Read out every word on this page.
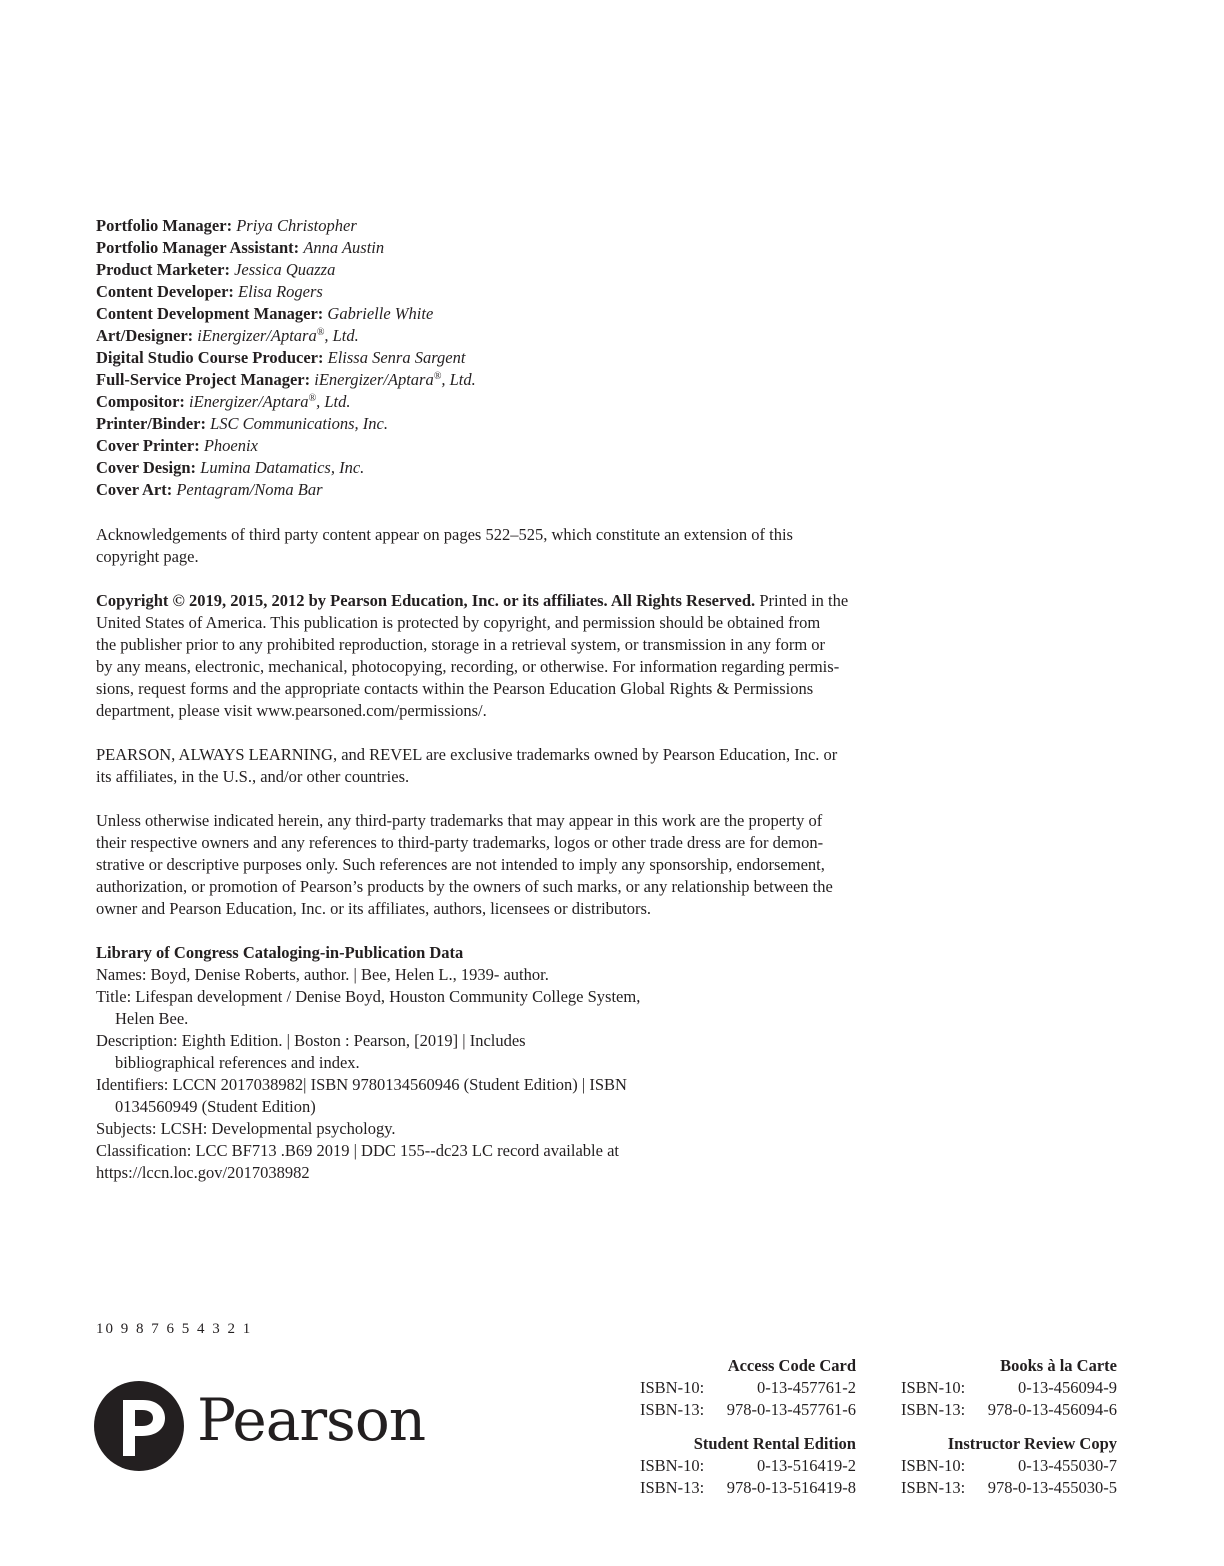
Portfolio Manager: Priya Christopher
Portfolio Manager Assistant: Anna Austin
Product Marketer: Jessica Quazza
Content Developer: Elisa Rogers
Content Development Manager: Gabrielle White
Art/Designer: iEnergizer/Aptara®, Ltd.
Digital Studio Course Producer: Elissa Senra Sargent
Full-Service Project Manager: iEnergizer/Aptara®, Ltd.
Compositor: iEnergizer/Aptara®, Ltd.
Printer/Binder: LSC Communications, Inc.
Cover Printer: Phoenix
Cover Design: Lumina Datamatics, Inc.
Cover Art: Pentagram/Noma Bar
Acknowledgements of third party content appear on pages 522–525, which constitute an extension of this
copyright page.
Copyright © 2019, 2015, 2012 by Pearson Education, Inc. or its affiliates. All Rights Reserved. Printed in the
United States of America. This publication is protected by copyright, and permission should be obtained from
the publisher prior to any prohibited reproduction, storage in a retrieval system, or transmission in any form or
by any means, electronic, mechanical, photocopying, recording, or otherwise. For information regarding permis-
sions, request forms and the appropriate contacts within the Pearson Education Global Rights & Permissions
department, please visit www.pearsoned.com/permissions/.
PEARSON, ALWAYS LEARNING, and REVEL are exclusive trademarks owned by Pearson Education, Inc. or
its affiliates, in the U.S., and/or other countries.
Unless otherwise indicated herein, any third-party trademarks that may appear in this work are the property of
their respective owners and any references to third-party trademarks, logos or other trade dress are for demon-
strative or descriptive purposes only. Such references are not intended to imply any sponsorship, endorsement,
authorization, or promotion of Pearson’s products by the owners of such marks, or any relationship between the
owner and Pearson Education, Inc. or its affiliates, authors, licensees or distributors.
Library of Congress Cataloging-in-Publication Data
Names: Boyd, Denise Roberts, author. | Bee, Helen L., 1939- author.
Title: Lifespan development / Denise Boyd, Houston Community College System,
Helen Bee.
Description: Eighth Edition. | Boston : Pearson, [2019] | Includes
bibliographical references and index.
Identifiers: LCCN 2017038982| ISBN 9780134560946 (Student Edition) | ISBN
0134560949 (Student Edition)
Subjects: LCSH: Developmental psychology.
Classification: LCC BF713 .B69 2019 | DDC 155--dc23 LC record available at
https://lccn.loc.gov/2017038982
10 9 8 7 6 5 4 3 2 1
Pearson
Access Code Card
ISBN-10:	0-13-457761-2
ISBN-13: 978-0-13-457761-6
Books à la Carte
ISBN-10:	0-13-456094-9
ISBN-13: 978-0-13-456094-6
Student Rental Edition
ISBN-10:	0-13-516419-2
ISBN-13: 978-0-13-516419-8
Instructor Review Copy
ISBN-10:	0-13-455030-7
ISBN-13: 978-0-13-455030-5
